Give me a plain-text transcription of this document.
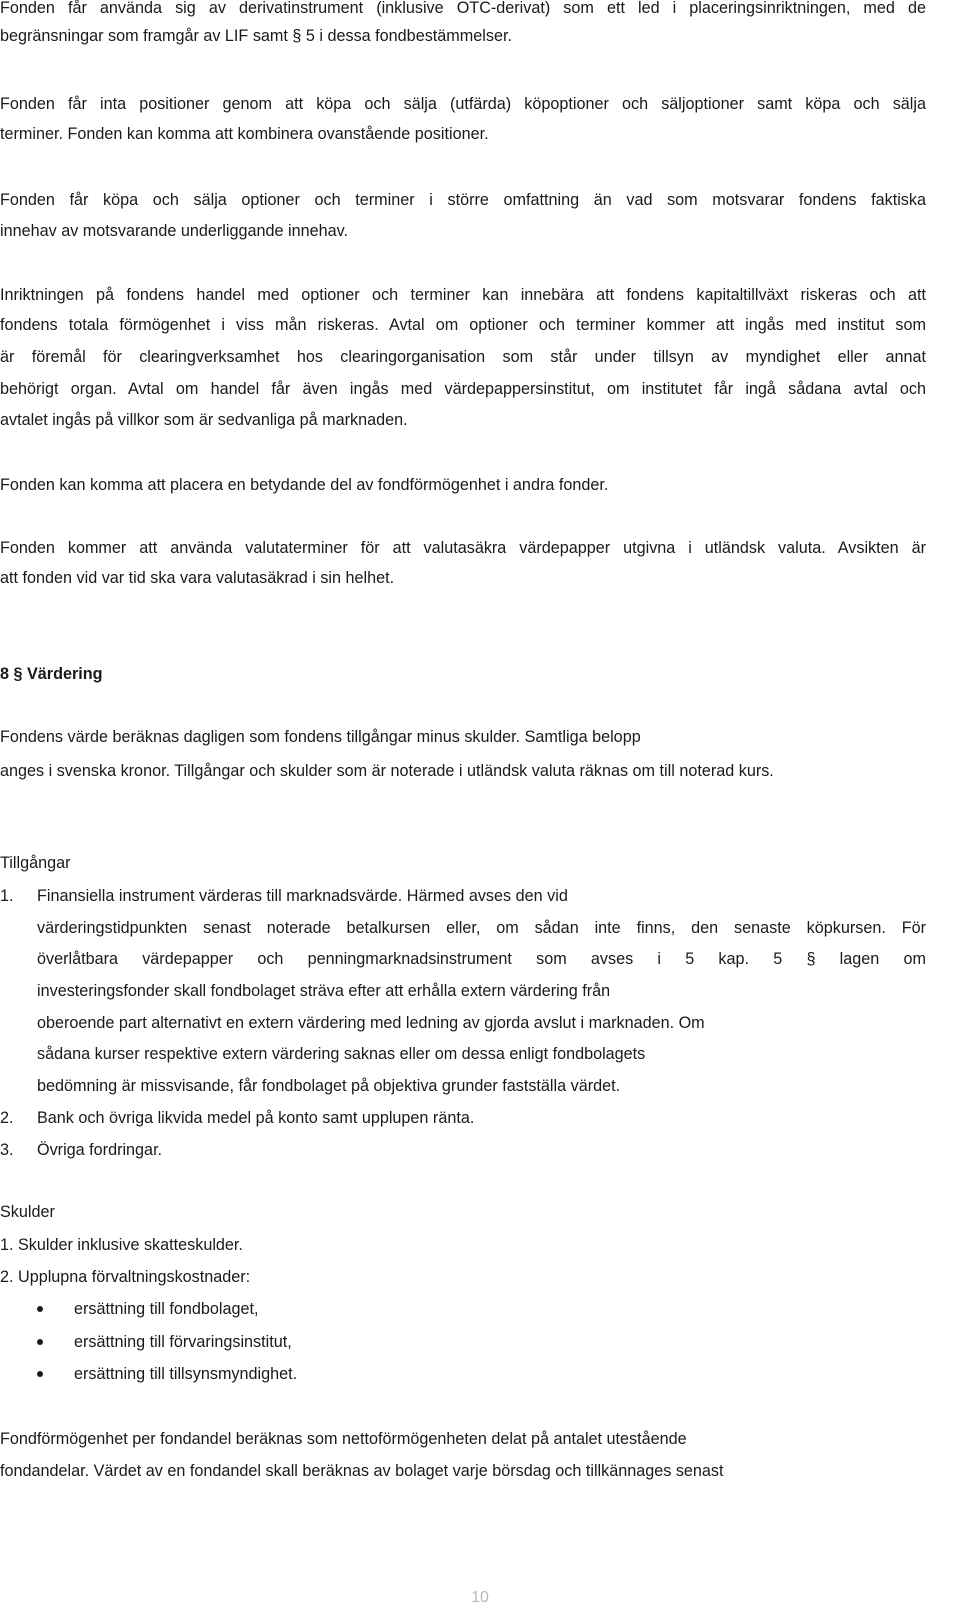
Fonden får använda sig av derivatinstrument (inklusive OTC-derivat) som ett led i placeringsinriktningen, med de
begränsningar som framgår av LIF samt § 5 i dessa fondbestämmelser.
Fonden får inta positioner genom att köpa och sälja (utfärda) köpoptioner och säljoptioner samt köpa och sälja
terminer. Fonden kan komma att kombinera ovanstående positioner.
Fonden får köpa och sälja optioner och terminer i större omfattning än vad som motsvarar fondens faktiska
innehav av motsvarande underliggande innehav.
Inriktningen på fondens handel med optioner och terminer kan innebära att fondens kapitaltillväxt riskeras och att
fondens totala förmögenhet i viss mån riskeras. Avtal om optioner och terminer kommer att ingås med institut som
är föremål för clearingverksamhet hos clearingorganisation som står under tillsyn av myndighet eller annat
behörigt organ. Avtal om handel får även ingås med värdepappersinstitut, om institutet får ingå sådana avtal och
avtalet ingås på villkor som är sedvanliga på marknaden.
Fonden kan komma att placera en betydande del av fondförmögenhet i andra fonder.
Fonden kommer att använda valutaterminer för att valutasäkra värdepapper utgivna i utländsk valuta. Avsikten är
att fonden vid var tid ska vara valutasäkrad i sin helhet.
8 § Värdering
Fondens värde beräknas dagligen som fondens tillgångar minus skulder. Samtliga belopp
anges i svenska kronor. Tillgångar och skulder som är noterade i utländsk valuta räknas om till noterad kurs.
Tillgångar
1. Finansiella instrument värderas till marknadsvärde. Härmed avses den vid
värderingstidpunkten senast noterade betalkursen eller, om sådan inte finns, den senaste köpkursen. För
överlåtbara värdepapper och penningmarknadsinstrument som avses i 5 kap. 5 § lagen om
investeringsfonder skall fondbolaget sträva efter att erhålla extern värdering från
oberoende part alternativt en extern värdering med ledning av gjorda avslut i marknaden. Om
sådana kurser respektive extern värdering saknas eller om dessa enligt fondbolagets
bedömning är missvisande, får fondbolaget på objektiva grunder fastställa värdet.
2. Bank och övriga likvida medel på konto samt upplupen ränta.
3. Övriga fordringar.
Skulder
1. Skulder inklusive skatteskulder.
2. Upplupna förvaltningskostnader:
ersättning till fondbolaget,
ersättning till förvaringsinstitut,
ersättning till tillsynsmyndighet.
Fondförmögenhet per fondandel beräknas som nettoförmögenheten delat på antalet utestående
fondandelar. Värdet av en fondandel skall beräknas av bolaget varje börsdag och tillkännages senast
10
